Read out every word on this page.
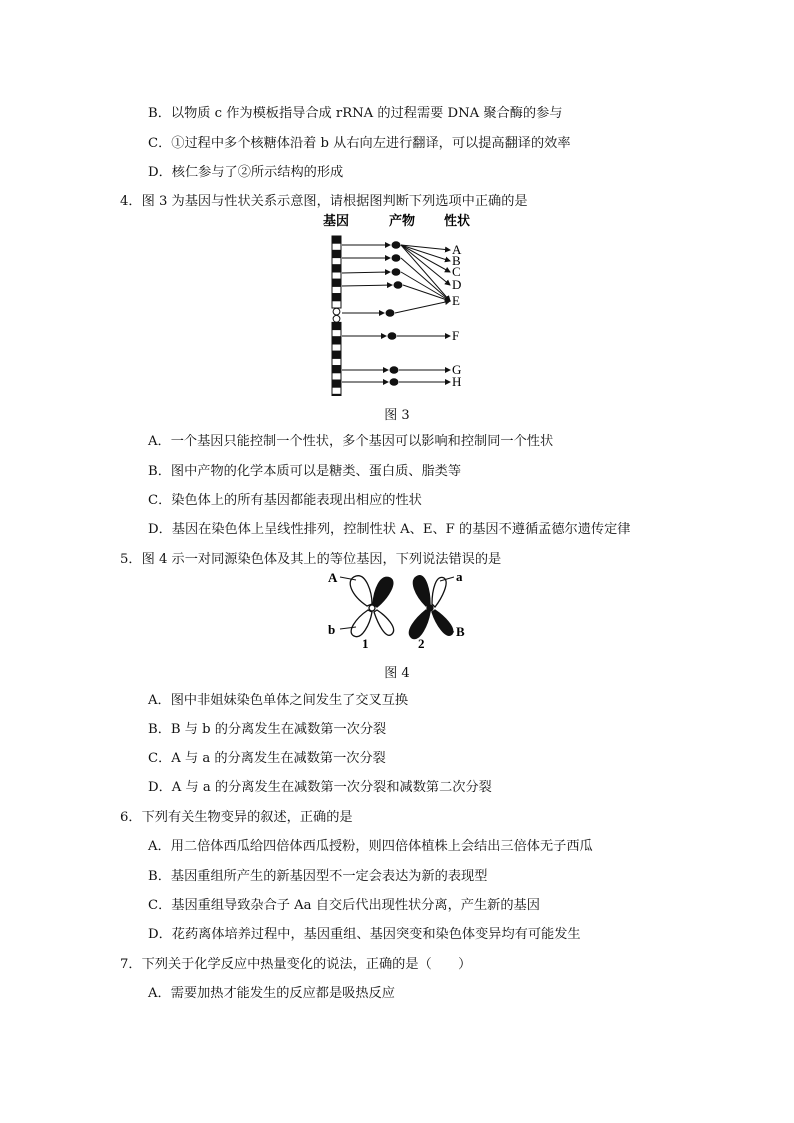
B．以物质 c 作为模板指导合成 rRNA 的过程需要 DNA 聚合酶的参与
C．①过程中多个核糖体沿着 b 从右向左进行翻译，可以提高翻译的效率
D．核仁参与了②所示结构的形成
4．图 3 为基因与性状关系示意图，请根据图判断下列选项中正确的是
基因	产物 性状
A
B
C
D
E
F
G
H
图 3
A．一个基因只能控制一个性状，多个基因可以影响和控制同一个性状
B．图中产物的化学本质可以是糖类、蛋白质、脂类等
C．染色体上的所有基因都能表现出相应的性状
D．基因在染色体上呈线性排列，控制性状 A、E、F 的基因不遵循孟德尔遗传定律
5．图 4 示一对同源染色体及其上的等位基因，下列说法错误的是
A
b
a
B
1	2
图 4
A．图中非姐妹染色单体之间发生了交叉互换
B．B 与 b 的分离发生在减数第一次分裂
C．A 与 a 的分离发生在减数第一次分裂
D．A 与 a 的分离发生在减数第一次分裂和减数第二次分裂
6．下列有关生物变异的叙述，正确的是
A．用二倍体西瓜给四倍体西瓜授粉，则四倍体植株上会结出三倍体无子西瓜
B．基因重组所产生的新基因型不一定会表达为新的表现型
C．基因重组导致杂合子 Aa 自交后代出现性状分离，产生新的基因
D．花药离体培养过程中，基因重组、基因突变和染色体变异均有可能发生
7．下列关于化学反应中热量变化的说法，正确的是（　　）
A．需要加热才能发生的反应都是吸热反应
